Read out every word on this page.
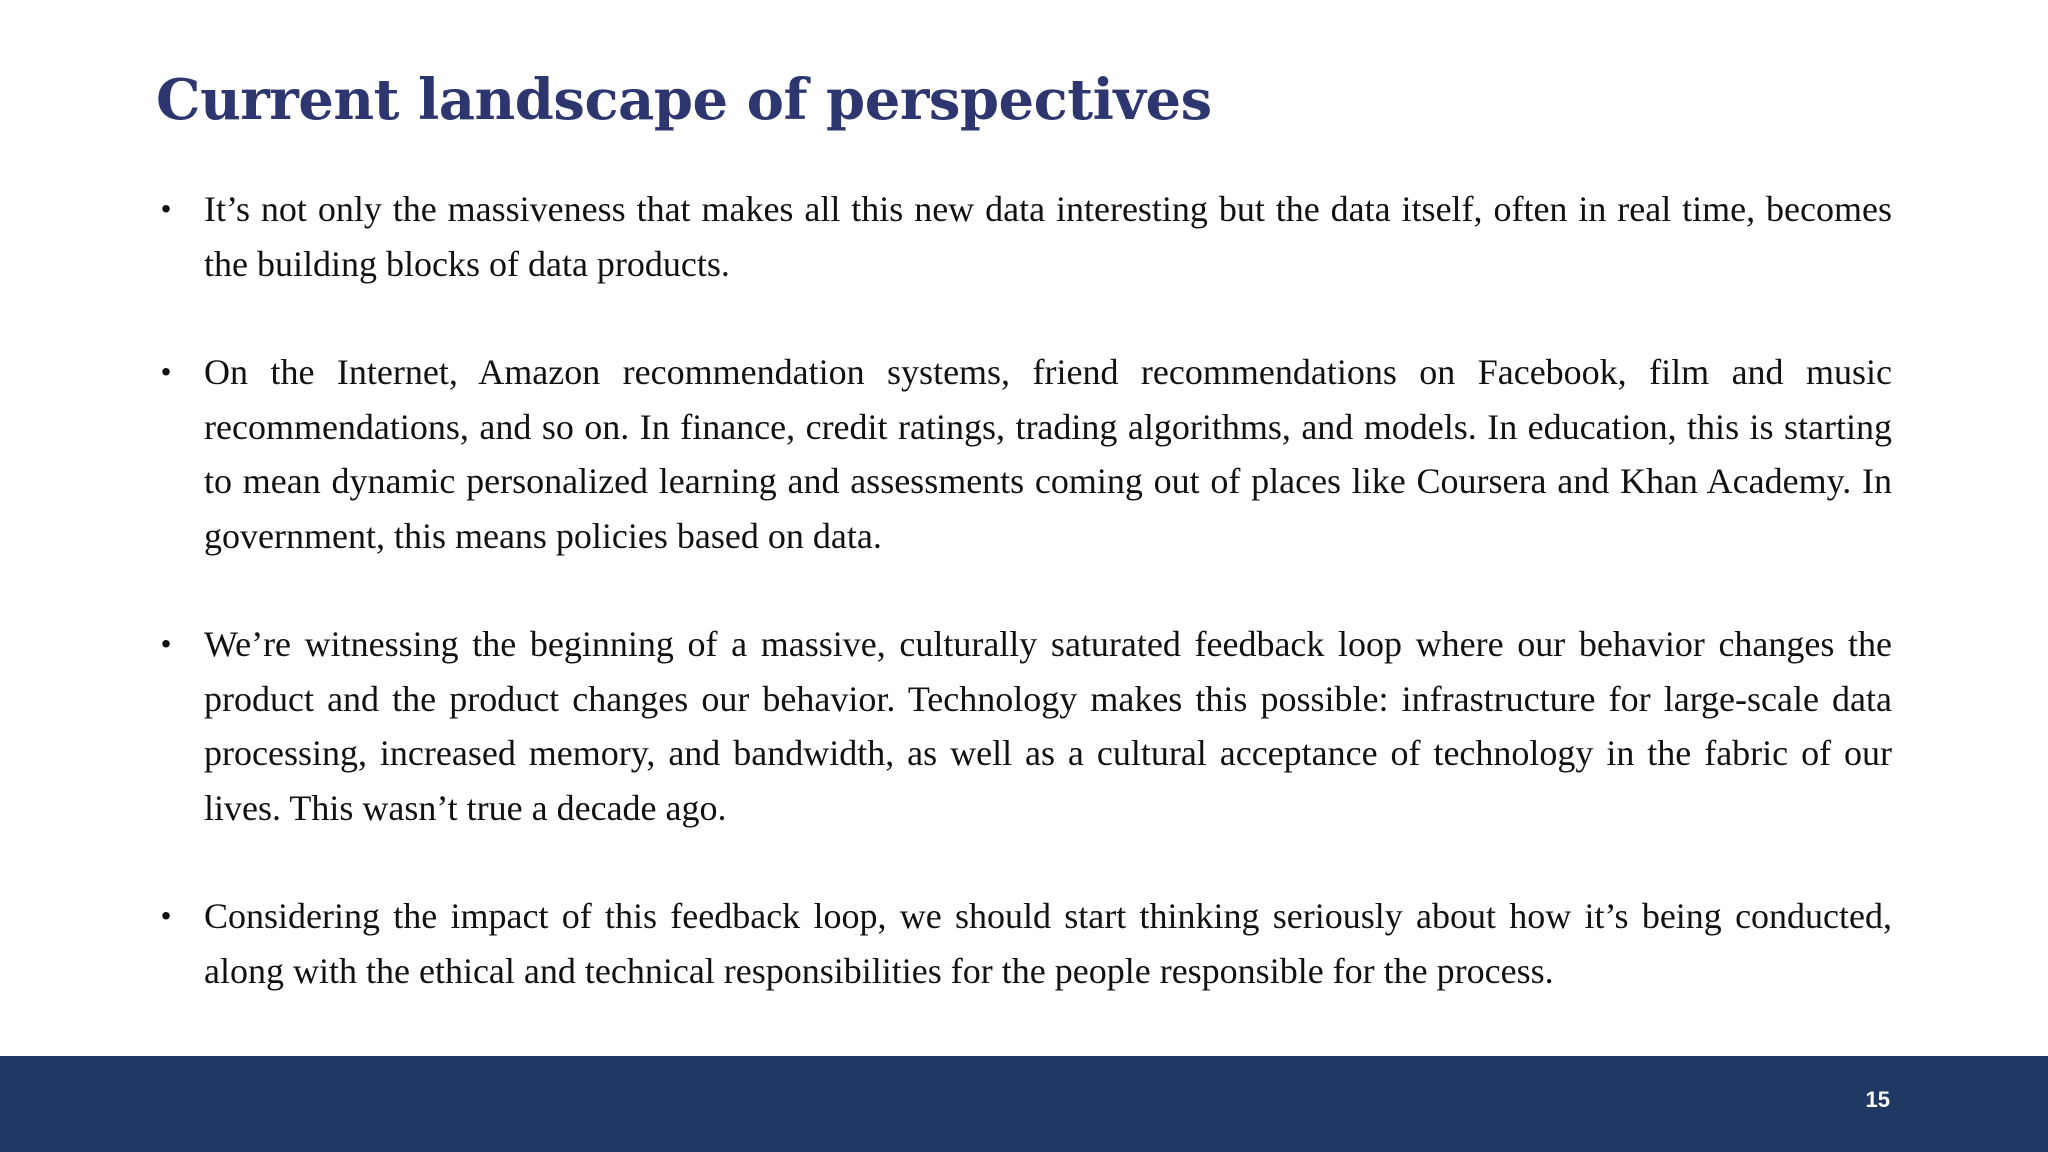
Current landscape of perspectives
• It’s not only the massiveness that makes all this new data interesting but the data itself, often in real time, becomes the building blocks of data products.
• On the Internet, Amazon recommendation systems, friend recommendations on Facebook, film and music recommendations, and so on. In finance, credit ratings, trading algorithms, and models. In education, this is starting to mean dynamic personalized learning and assessments coming out of places like Coursera and Khan Academy. In government, this means policies based on data.
• We’re witnessing the beginning of a massive, culturally saturated feedback loop where our behavior changes the product and the product changes our behavior. Technology makes this possible: infrastructure for large-scale data processing, increased memory, and bandwidth, as well as a cultural acceptance of technology in the fabric of our lives. This wasn’t true a decade ago.
• Considering the impact of this feedback loop, we should start thinking seriously about how it’s being conducted, along with the ethical and technical responsibilities for the people responsible for the process.
15
